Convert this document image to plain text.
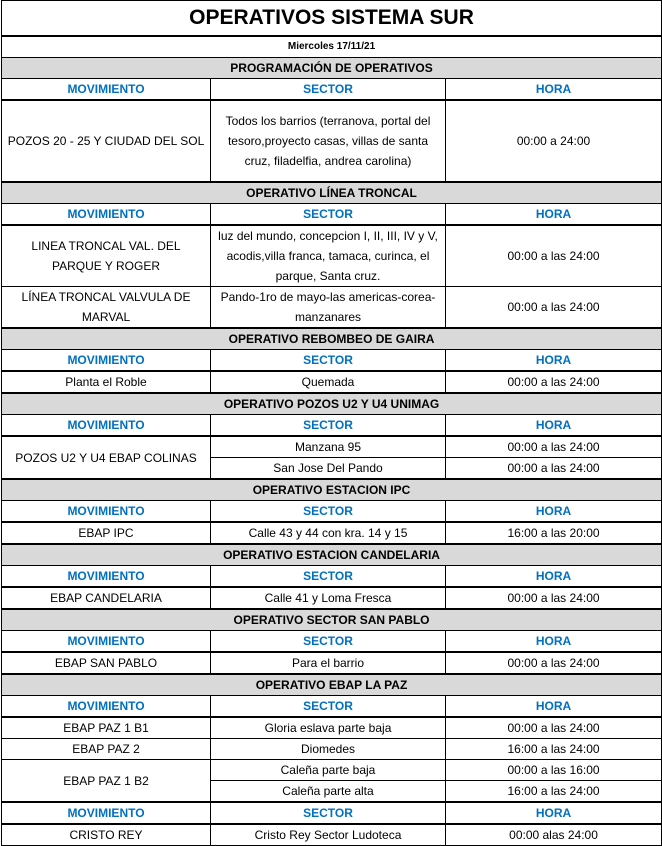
OPERATIVOS SISTEMA SUR		
Miercoles 17/11/21		
PROGRAMACIÓN DE OPERATIVOS		
MOVIMIENTO	SECTOR	HORA
POZOS 20 - 25 Y CIUDAD DEL SOL	Todos los barrios (terranova, portal del tesoro,proyecto casas, villas de santa cruz, filadelfia, andrea carolina)	00:00 a 24:00
OPERATIVO LÍNEA TRONCAL		
MOVIMIENTO	SECTOR	HORA
LINEA TRONCAL VAL. DEL PARQUE Y ROGER	luz del mundo, concepcion I, II, III, IV y V, acodis,villa franca, tamaca, curinca, el parque, Santa cruz.	00:00 a las 24:00
LÍNEA TRONCAL VALVULA DE MARVAL	Pando-1ro de mayo-las americas-corea-manzanares	00:00 a las 24:00
OPERATIVO REBOMBEO DE GAIRA		
MOVIMIENTO	SECTOR	HORA
Planta el Roble	Quemada	00:00 a las 24:00
OPERATIVO POZOS U2 Y U4 UNIMAG		
MOVIMIENTO	SECTOR	HORA
POZOS U2 Y U4 EBAP COLINAS	Manzana 95	00:00 a las 24:00
	San Jose Del Pando	00:00 a las 24:00
OPERATIVO ESTACION IPC		
MOVIMIENTO	SECTOR	HORA
EBAP IPC	Calle 43 y 44 con kra. 14 y 15	16:00 a las 20:00
OPERATIVO ESTACION CANDELARIA		
MOVIMIENTO	SECTOR	HORA
EBAP CANDELARIA	Calle 41 y Loma Fresca	00:00 a las 24:00
OPERATIVO SECTOR SAN PABLO		
MOVIMIENTO	SECTOR	HORA
EBAP SAN PABLO	Para el barrio	00:00 a las 24:00
OPERATIVO EBAP LA PAZ		
MOVIMIENTO	SECTOR	HORA
EBAP PAZ 1 B1	Gloria eslava parte baja	00:00 a las 24:00
EBAP PAZ 2	Diomedes	16:00 a las 24:00
EBAP PAZ 1 B2	Caleña parte baja	00:00 a las 16:00
	Caleña parte alta	16:00 a las 24:00
MOVIMIENTO	SECTOR	HORA
CRISTO REY	Cristo Rey Sector Ludoteca	00:00 alas 24:00
